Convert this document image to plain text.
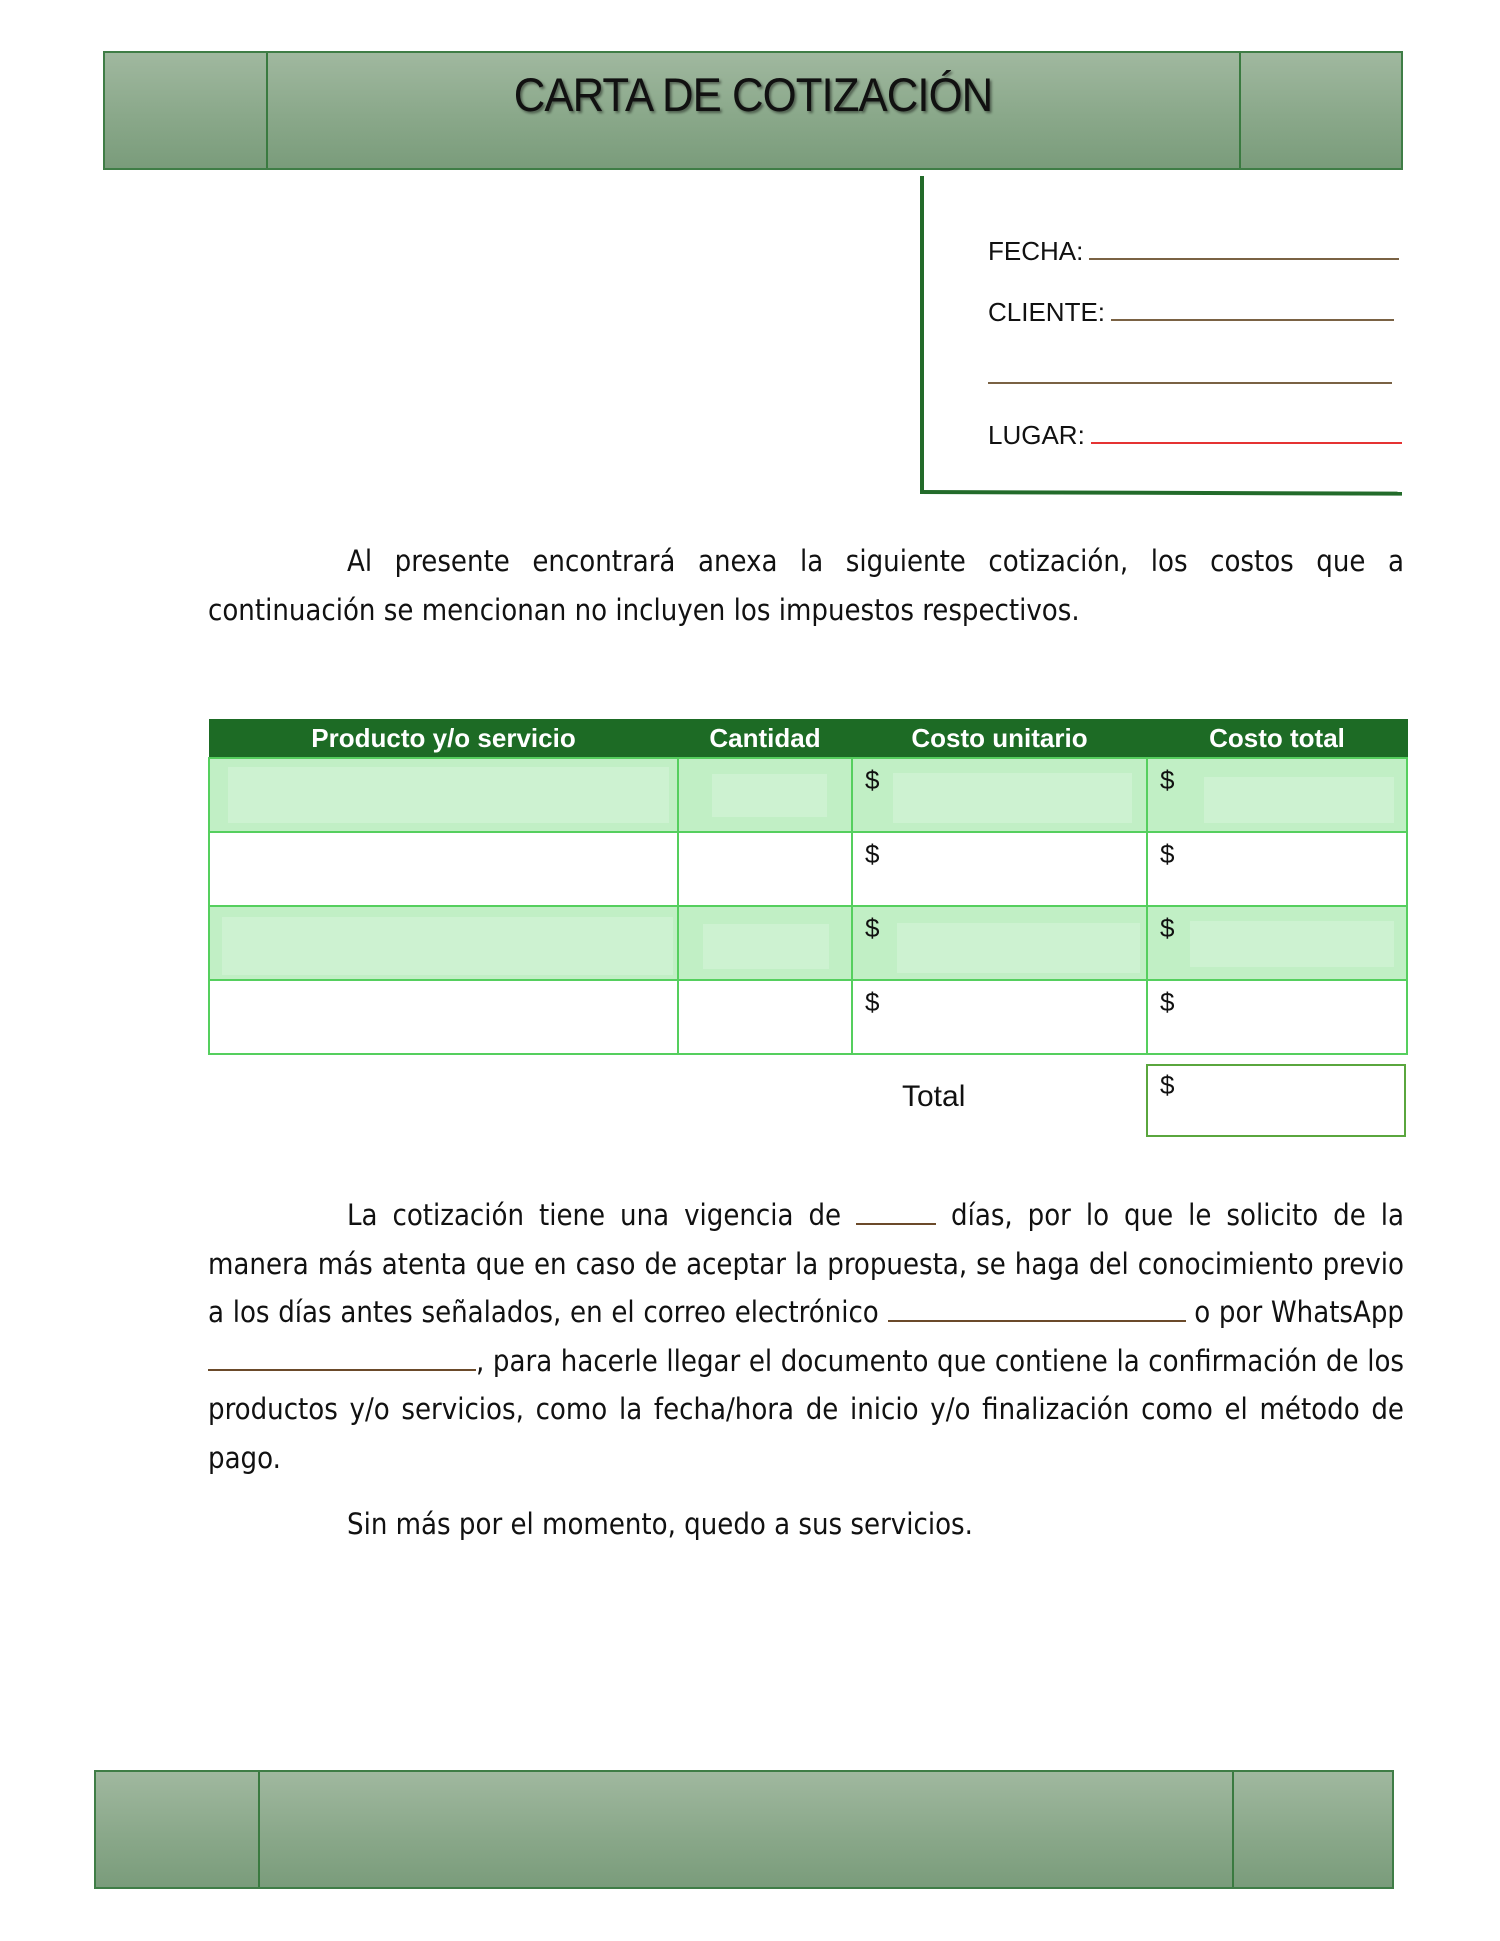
CARTA DE COTIZACIÓN
FECHA:
CLIENTE:
LUGAR:
Al presente encontrará anexa la siguiente cotización, los costos que a continuación se mencionan no incluyen los impuestos respectivos.
Producto y/o servicio	Cantidad	Costo unitario	Costo total

		$	$

		$	$

		$	$

		$	$
Total	$
La cotización tiene una vigencia de	días, por lo que le solicito de la manera más atenta que en caso de aceptar la propuesta, se haga del conocimiento previo a los días antes señalados, en el correo electrónico	o por WhatsApp , para hacerle llegar el documento que contiene la confirmación de los productos y/o servicios, como la fecha/hora de inicio y/o finalización como el método de pago.
Sin más por el momento, quedo a sus servicios.
